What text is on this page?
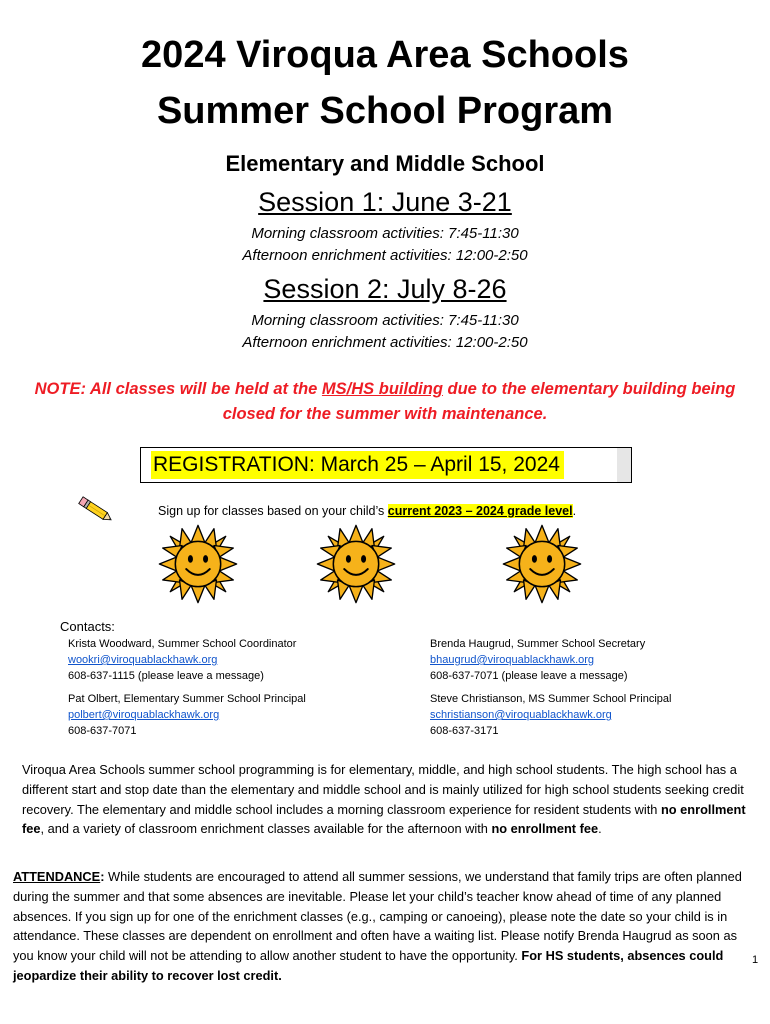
2024 Viroqua Area Schools
Summer School Program
Elementary and Middle School
Session 1: June 3-21
Morning classroom activities: 7:45-11:30
Afternoon enrichment activities: 12:00-2:50
Session 2: July 8-26
Morning classroom activities: 7:45-11:30
Afternoon enrichment activities: 12:00-2:50
NOTE: All classes will be held at the MS/HS building due to the elementary building being closed for the summer with maintenance.
REGISTRATION: March 25 – April 15, 2024
Sign up for classes based on your child’s current 2023 – 2024 grade level.
Contacts:
Krista Woodward, Summer School Coordinator
wookri@viroquablackhawk.org
608-637-1115 (please leave a message)
Brenda Haugrud, Summer School Secretary
bhaugrud@viroquablackhawk.org
608-637-7071 (please leave a message)
Pat Olbert, Elementary Summer School Principal
polbert@viroquablackhawk.org
608-637-7071
Steve Christianson, MS Summer School Principal
schristianson@viroquablackhawk.org
608-637-3171
Viroqua Area Schools summer school programming is for elementary, middle, and high school students. The high school has a different start and stop date than the elementary and middle school and is mainly utilized for high school students seeking credit recovery. The elementary and middle school includes a morning classroom experience for resident students with no enrollment fee, and a variety of classroom enrichment classes available for the afternoon with no enrollment fee.
ATTENDANCE: While students are encouraged to attend all summer sessions, we understand that family trips are often planned during the summer and that some absences are inevitable. Please let your child’s teacher know ahead of time of any planned absences. If you sign up for one of the enrichment classes (e.g., camping or canoeing), please note the date so your child is in attendance. These classes are dependent on enrollment and often have a waiting list. Please notify Brenda Haugrud as soon as you know your child will not be attending to allow another student to have the opportunity. For HS students, absences could jeopardize their ability to recover lost credit.
1
